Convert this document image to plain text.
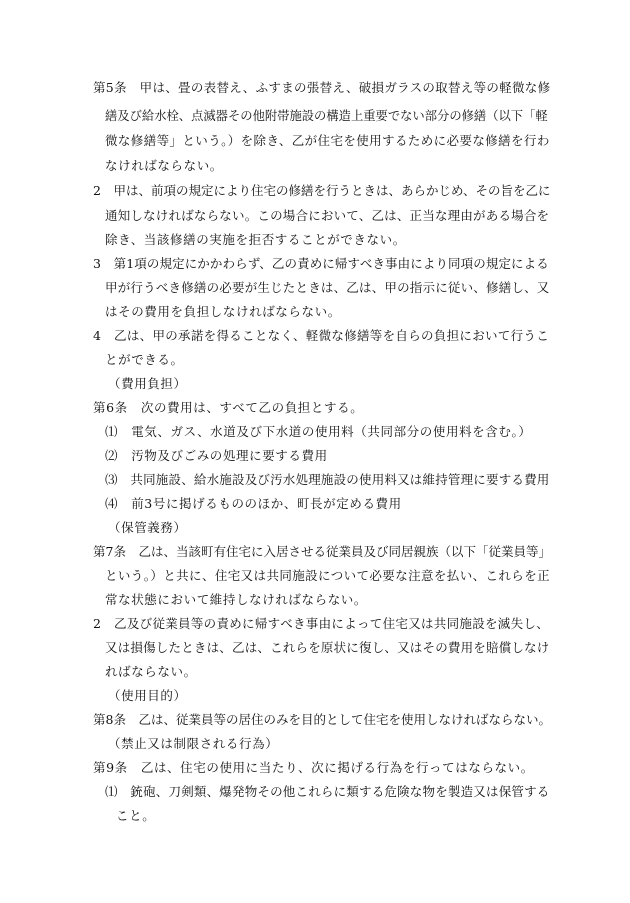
第5条　甲は、畳の表替え、ふすまの張替え、破損ガラスの取替え等の軽微な修
繕及び給水栓、点滅器その他附帯施設の構造上重要でない部分の修繕（以下「軽
微な修繕等」という。）を除き、乙が住宅を使用するために必要な修繕を行わ
なければならない。
2　甲は、前項の規定により住宅の修繕を行うときは、あらかじめ、その旨を乙に
通知しなければならない。この場合において、乙は、正当な理由がある場合を
除き、当該修繕の実施を拒否することができない。
3　第1項の規定にかかわらず、乙の責めに帰すべき事由により同項の規定による
甲が行うべき修繕の必要が生じたときは、乙は、甲の指示に従い、修繕し、又
はその費用を負担しなければならない。
4　乙は、甲の承諾を得ることなく、軽微な修繕等を自らの負担において行うこ
とができる。
（費用負担）
第6条　次の費用は、すべて乙の負担とする。
⑴　電気、ガス、水道及び下水道の使用料（共同部分の使用料を含む。）
⑵　汚物及びごみの処理に要する費用
⑶　共同施設、給水施設及び汚水処理施設の使用料又は維持管理に要する費用
⑷　前3号に掲げるもののほか、町長が定める費用
（保管義務）
第7条　乙は、当該町有住宅に入居させる従業員及び同居親族（以下「従業員等」
という。）と共に、住宅又は共同施設について必要な注意を払い、これらを正
常な状態において維持しなければならない。
2　乙及び従業員等の責めに帰すべき事由によって住宅又は共同施設を滅失し、
又は損傷したときは、乙は、これらを原状に復し、又はその費用を賠償しなけ
ればならない。
（使用目的）
第8条　乙は、従業員等の居住のみを目的として住宅を使用しなければならない。
（禁止又は制限される行為）
第9条　乙は、住宅の使用に当たり、次に掲げる行為を行ってはならない。
⑴　銃砲、刀剣類、爆発物その他これらに類する危険な物を製造又は保管する
こと。
